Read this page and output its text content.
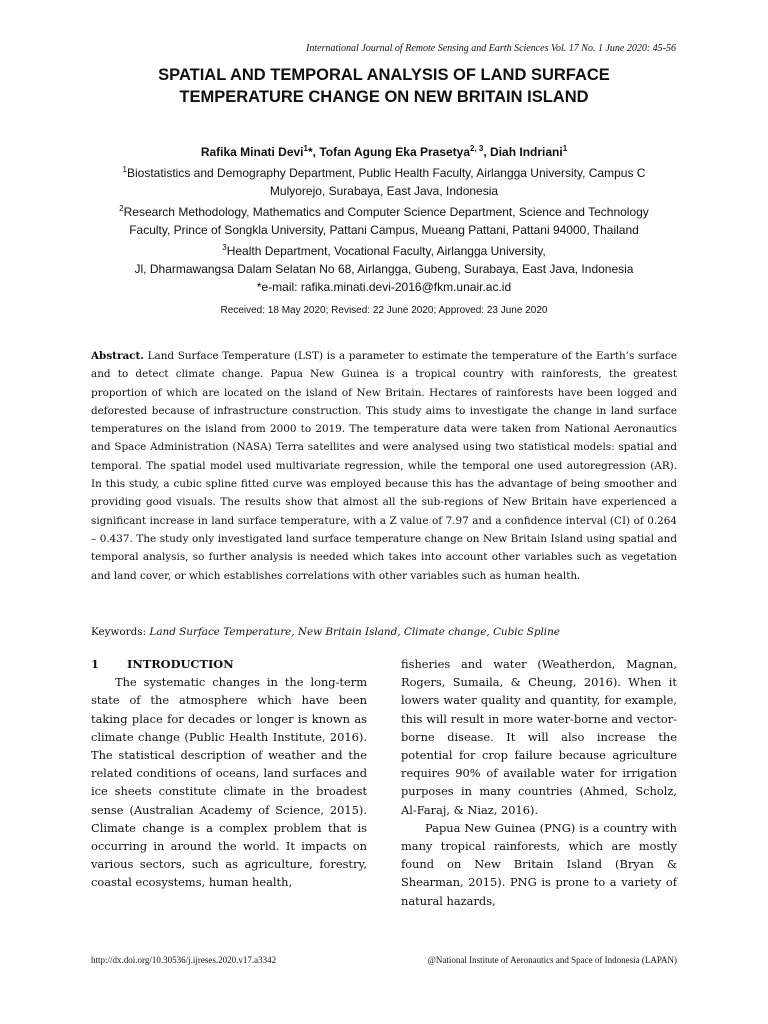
International Journal of Remote Sensing and Earth Sciences Vol. 17 No. 1 June 2020: 45-56
SPATIAL AND TEMPORAL ANALYSIS OF LAND SURFACE
TEMPERATURE CHANGE ON NEW BRITAIN ISLAND

Rafika Minati Devi$^1$*, Tofan Agung Eka Prasetya$^{2, 3}$, Diah Indriani$^1$

$^1$Biostatistics and Demography Department, Public Health Faculty, Airlangga University, Campus C
Mulyorejo, Surabaya, East Java, Indonesia

$^2$Research Methodology, Mathematics and Computer Science Department, Science and Technology
Faculty, Prince of Songkla University, Pattani Campus, Mueang Pattani, Pattani 94000, Thailand

$^3$Health Department, Vocational Faculty, Airlangga University,
Jl, Dharmawangsa Dalam Selatan No 68, Airlangga, Gubeng, Surabaya, East Java, Indonesia

*e-mail: rafika.minati.devi-2016@fkm.unair.ac.id

Received: 18 May 2020; Revised: 22 June 2020; Approved: 23 June 2020

Abstract. Land Surface Temperature (LST) is a parameter to estimate the temperature of the Earth’s surface and to detect climate change. Papua New Guinea is a tropical country with rainforests, the greatest proportion of which are located on the island of New Britain. Hectares of rainforests have been logged and deforested because of infrastructure construction. This study aims to investigate the change in land surface temperatures on the island from 2000 to 2019. The temperature data were taken from National Aeronautics and Space Administration (NASA) Terra satellites and were analysed using two statistical models: spatial and temporal. The spatial model used multivariate regression, while the temporal one used autoregression (AR). In this study, a cubic spline fitted curve was employed because this has the advantage of being smoother and providing good visuals. The results show that almost all the sub-regions of New Britain have experienced a significant increase in land surface temperature, with a Z value of 7.97 and a confidence interval (CI) of 0.264 – 0.437. The study only investigated land surface temperature change on New Britain Island using spatial and temporal analysis, so further analysis is needed which takes into account other variables such as vegetation and land cover, or which establishes correlations with other variables such as human health.

Keywords: Land Surface Temperature, New Britain Island, Climate change, Cubic Spline

1 INTRODUCTION

The systematic changes in the long-term state of the atmosphere which have been taking place for decades or longer is known as climate change (Public Health Institute, 2016). The statistical description of weather and the related conditions of oceans, land surfaces and ice sheets constitute climate in the broadest sense (Australian Academy of Science, 2015). Climate change is a complex problem that is occurring in around the world. It impacts on various sectors, such as agriculture, forestry, coastal ecosystems, human health,

fisheries and water (Weatherdon, Magnan, Rogers, Sumaila, & Cheung, 2016). When it lowers water quality and quantity, for example, this will result in more water-borne and vector-borne disease. It will also increase the potential for crop failure because agriculture requires 90% of available water for irrigation purposes in many countries (Ahmed, Scholz, Al-Faraj, & Niaz, 2016).

Papua New Guinea (PNG) is a country with many tropical rainforests, which are mostly found on New Britain Island (Bryan & Shearman, 2015). PNG is prone to a variety of natural hazards,

http://dx.doi.org/10.30536/j.ijreses.2020.v17.a3342	@National Institute of Aeronautics and Space of Indonesia (LAPAN)
